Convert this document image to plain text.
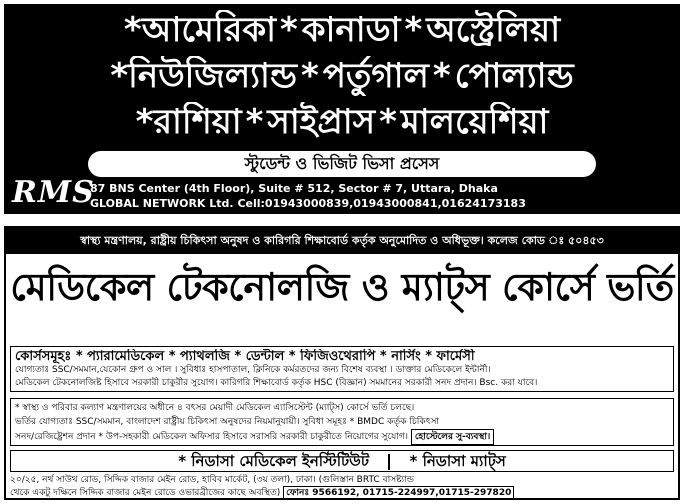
*আমেরিকা * কানাডা * অস্ট্রেলিয়া
*নিউজিল্যান্ড * পর্তুগাল * পোল্যান্ড
*রাশিয়া * সাইপ্রাস * মালয়েশিয়া
স্টুডেন্ট ও ভিজিট ভিসা প্রসেস
RMS
87 BNS Center (4th Floor), Suite # 512, Sector # 7, Uttara, Dhaka
GLOBAL NETWORK Ltd. Cell:01943000839,01943000841,01624173183
স্বাস্থ্য মন্ত্রণালয়, রাষ্ট্রীয় চিকিৎসা অনুষদ ও কারিগরি শিক্ষাবোর্ড কর্তৃক অনুমোদিত ও অধিভূক্ত। কলেজ কোড ঃ ৫০৪৫৩
মেডিকেল টেকনোলজি ও ম্যাট্স কোর্সে ভর্তি
কোর্সসমূহঃ * প্যারামেডিকেল * প্যাথলজি * ডেন্টাল * ফিজিওথেরাপি * নার্সিং * ফার্মেসী
যোগ্যতাঃ SSC/সমমান,যেকোন গ্রুপ ও সাল । সুবিধাঃ হাসপাতাল, ক্লিনিকে কর্মরতদের জন্য বিশেষ ব্যবস্থা । ডাক্তার মেডিকেলে ইন্টার্নী।
মেডিকেল টেকনোলজিষ্ট হিসাবে সরকারী চাকুরীর সুযোগ। কারিগরি শিক্ষাবোর্ড কর্তৃক HSC (বিজ্ঞান) সমমানের সরকারী সনদ প্রদান। Bsc. করা যাবে।
* স্বাস্থ্য ও পরিবার কল্যাণ মন্ত্রণালয়ের অধীনে ৪ বৎসর মেয়াদী মেডিকেল এ্যাসিস্টেন্ট (ম্যাট্স) কোর্সে ভর্তি চলছে।
ভর্তির যোগ্যতাঃ SSC/সমমান, বাংলাদেশ রাষ্ট্রীয় চিকিৎসা অনুষদের নিয়মানুযায়ী। সুবিধা সমূহঃ * BMDC কর্তৃক চিকিৎসা
সনদ/রেজিষ্ট্রেশন প্রদান * উপ-সহকারী মেডিকেল অফিসার হিসাবে সরাসরি সরকারী চাকুরীতে নিয়োগের সুযোগ। হোস্টেলের সু-ব্যবস্থা।
* নিডাসা মেডিকেল ইনস্টিটিউট	* নিডাসা ম্যাট্স
২০/২৫, নর্থ সাউথ রোড, সিদ্দিক বাজার মেইন রোড, হাবিব মার্কেট, (৩য় তলা), ঢাকা। (গুলিস্তান BRTC বাসষ্ট্যান্ড
থেকে একটু দক্ষিনে সিদ্দিক বাজার মেইন রোডে ওভারব্রীজের কাছে অবস্থিত) ফোনঃ 9566192, 01715-224997,01715-297820
